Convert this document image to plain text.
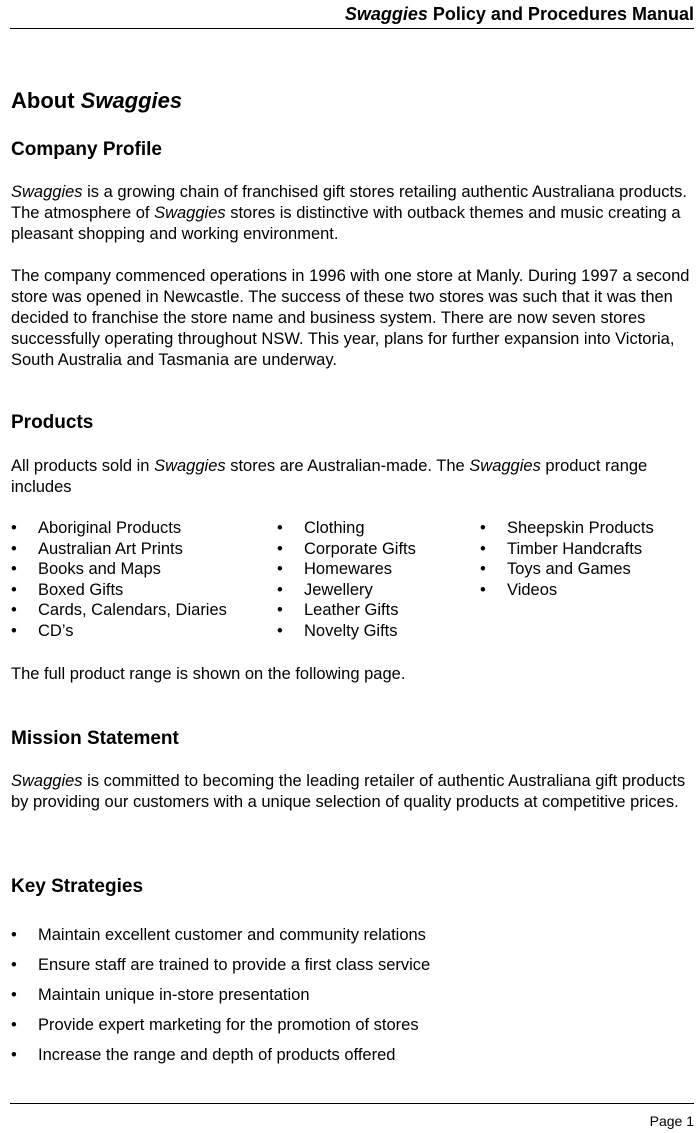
Swaggies Policy and Procedures Manual
About Swaggies
Company Profile

Swaggies is a growing chain of franchised gift stores retailing authentic Australiana products. The atmosphere of Swaggies stores is distinctive with outback themes and music creating a pleasant shopping and working environment.

The company commenced operations in 1996 with one store at Manly. During 1997 a second store was opened in Newcastle. The success of these two stores was such that it was then decided to franchise the store name and business system. There are now seven stores successfully operating throughout NSW. This year, plans for further expansion into Victoria, South Australia and Tasmania are underway.

Products

All products sold in Swaggies stores are Australian-made. The Swaggies product range includes

• Aboriginal Products
• Australian Art Prints
• Books and Maps
• Boxed Gifts
• Cards, Calendars, Diaries
• CD’s
• Clothing
• Corporate Gifts
• Homewares
• Jewellery
• Leather Gifts
• Novelty Gifts
• Sheepskin Products
• Timber Handcrafts
• Toys and Games
• Videos

The full product range is shown on the following page.

Mission Statement

Swaggies is committed to becoming the leading retailer of authentic Australiana gift products by providing our customers with a unique selection of quality products at competitive prices.

Key Strategies
• Maintain excellent customer and community relations
• Ensure staff are trained to provide a first class service
• Maintain unique in-store presentation
• Provide expert marketing for the promotion of stores
• Increase the range and depth of products offered
Page 1
